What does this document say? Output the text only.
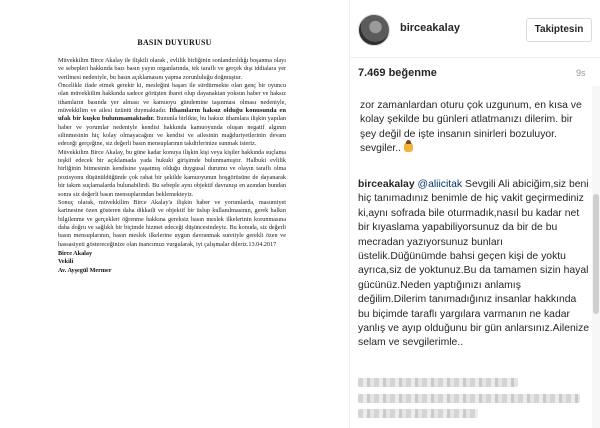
BASIN DUYURUSU

Müvekkilim Birce Akalay ile ilişkili olarak , evlilik birliğinin sonlandırıldığı boşanma olayı ve sebepleri hakkında bazı basın yayın organlarında, tek taraflı ve gerçek dışı iddialara yer verilmesi nedeniyle, bu basın açıklamasını yapma zorunluluğu doğmuştur.

Öncelikle ifade etmek gerekir ki, mesleğini başarı ile sürdürmekte olan genç bir oyuncu olan müvekkilim hakkında sadece görüşten ibaret olup dayanaktan yoksun haber ve haksız ithamların basında yer alması ve kamuoyu gündemine taşınması olması nedeniyle, müvekkilim ve ailesi üzüntü duymaktadır. İthamların haksız olduğu konusunda en ufak bir kuşku bulunmamaktadır. Bununla birlikte, bu haksız ithamlara ilişkin yapılan haber ve yorumlar nedeniyle kendisi hakkında kamuoyunda oluşan negatif algının silinmesinin hiç kolay olmayacağını ve kendisi ve ailesinin mağduriyetlerinin devam edeceği gerçeğine, siz değerli basın mensuplarının takdirlerinize sunmak isteriz.

Müvekkilim Birce Akalay, bu güne kadar konuya ilişkin kişi veya kişiler hakkında suçlama teşkil edecek bir açıklamada yada hukuki girişimde bulunmamıştır. Halbuki evlilik birliğinin bitmesinin kendisine yaşatmış olduğu duygusal durumu ve olayın taraflı olma pozisyonu düşünüldüğünde çok rahat bir şekilde kamuoyunun hoşgörüsüne de dayanarak bir takım suçlamalarda bulunabilirdi. Bu sebeple aynı objektif davranışı en azından bundan sonra siz değerli basın mensuplarından beklemekteyiz.

Sonuç olarak, müvekkilim Birce Akalay'a ilişkin haber ve yorumlarda, masumiyet karinesine özen gösteren daha dikkatli ve objektif bir üslup kullanılmasının, gerek halkın bilgilenme ve gerçekleri öğrenme hakkına gereksiz basın meslek ilkelerinin korunmasına daha doğru ve sağlıklı bir biçimde hizmet edeceği düşüncesindeyiz. Bu konuda, siz değerli basın mensuplarının, basın meslek ilkelerine uygun davranmak suretiyle gerekli özen ve hassasiyeti göstereceğinize olan inancımızı vurgularak, iyi çalışmalar dileriz.13.04.2017

Birce Akalay
Vekili
Av. Ayşegül Mermer
birceakalay	Takiptesin
7.469 beğenme	9s
zor zamanlardan oturu çok uzgunum, en kısa ve kolay şekilde bu günleri atlatmanızı dilerim. bir şey değil de işte insanın sinirleri bozuluyor. sevgiler..
birceakalay @aliicitak Sevgili Ali abiciğim,siz beni hiç tanımadınız benimle de hiç vakit geçirmediniz ki,aynı sofrada bile oturmadık,nasıl bu kadar net bir kıyaslama yapabiliyorsunuz da bir de bu mecradan yazıyorsunuz bunları üstelik.Düğünümde bahsi geçen kişi de yoktu ayrıca,siz de yoktunuz.Bu da tamamen sizin hayal gücünüz.Neden yaptığınızı anlamış değilim.Dilerim tanımadığınız insanlar hakkında bu biçimde taraflı yargılara varmanın ne kadar yanlış ve ayıp olduğunu bir gün anlarsınız.Ailenize selam ve sevgilerimle..
